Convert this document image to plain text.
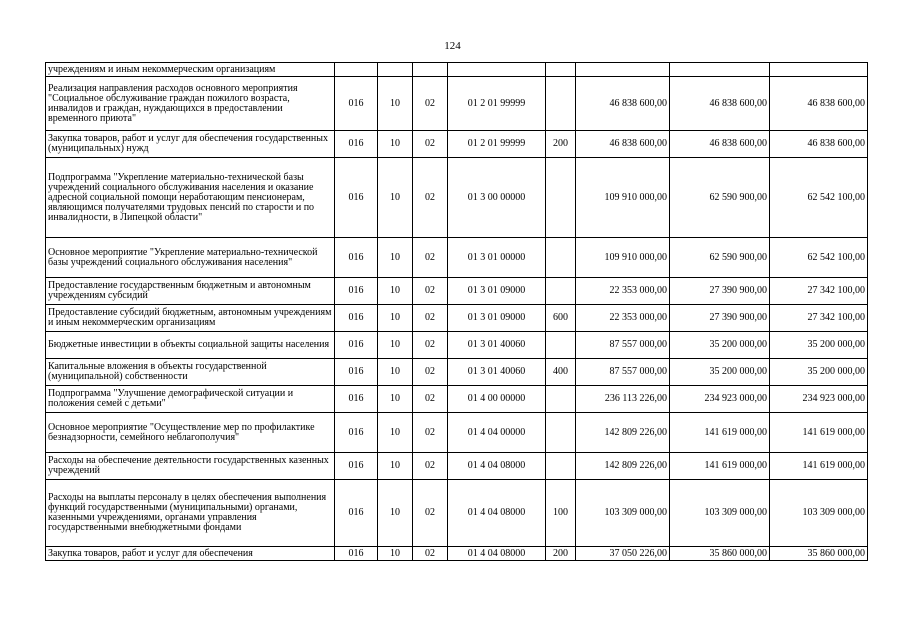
124
учреждениям и иным некоммерческим организациям								
Реализация направления расходов основного мероприятия "Социальное обслуживание граждан пожилого возраста, инвалидов и граждан, нуждающихся в предоставлении временного приюта"	016	10	02	01 2 01 99999		46 838 600,00	46 838 600,00	46 838 600,00
Закупка товаров, работ и услуг для обеспечения государственных (муниципальных) нужд	016	10	02	01 2 01 99999	200	46 838 600,00	46 838 600,00	46 838 600,00
Подпрограмма "Укрепление материально-технической базы учреждений социального обслуживания населения и оказание адресной социальной помощи неработающим пенсионерам, являющимся получателями трудовых пенсий по старости и по инвалидности, в Липецкой области"	016	10	02	01 3 00 00000		109 910 000,00	62 590 900,00	62 542 100,00
Основное мероприятие "Укрепление материально-технической базы учреждений социального обслуживания населения"	016	10	02	01 3 01 00000		109 910 000,00	62 590 900,00	62 542 100,00
Предоставление государственным бюджетным и автономным учреждениям субсидий	016	10	02	01 3 01 09000		22 353 000,00	27 390 900,00	27 342 100,00
Предоставление субсидий бюджетным, автономным учреждениям и иным некоммерческим организациям	016	10	02	01 3 01 09000	600	22 353 000,00	27 390 900,00	27 342 100,00
Бюджетные инвестиции в объекты социальной защиты населения	016	10	02	01 3 01 40060		87 557 000,00	35 200 000,00	35 200 000,00
Капитальные вложения в объекты государственной (муниципальной) собственности	016	10	02	01 3 01 40060	400	87 557 000,00	35 200 000,00	35 200 000,00
Подпрограмма "Улучшение демографической ситуации и положения семей с детьми"	016	10	02	01 4 00 00000		236 113 226,00	234 923 000,00	234 923 000,00
Основное мероприятие "Осуществление мер по профилактике безнадзорности, семейного неблагополучия"	016	10	02	01 4 04 00000		142 809 226,00	141 619 000,00	141 619 000,00
Расходы на обеспечение деятельности государственных казенных учреждений	016	10	02	01 4 04 08000		142 809 226,00	141 619 000,00	141 619 000,00
Расходы на выплаты персоналу в целях обеспечения выполнения функций государственными (муниципальными) органами, казенными учреждениями, органами управления государственными внебюджетными фондами	016	10	02	01 4 04 08000	100	103 309 000,00	103 309 000,00	103 309 000,00
Закупка товаров, работ и услуг для обеспечения	016	10	02	01 4 04 08000	200	37 050 226,00	35 860 000,00	35 860 000,00
